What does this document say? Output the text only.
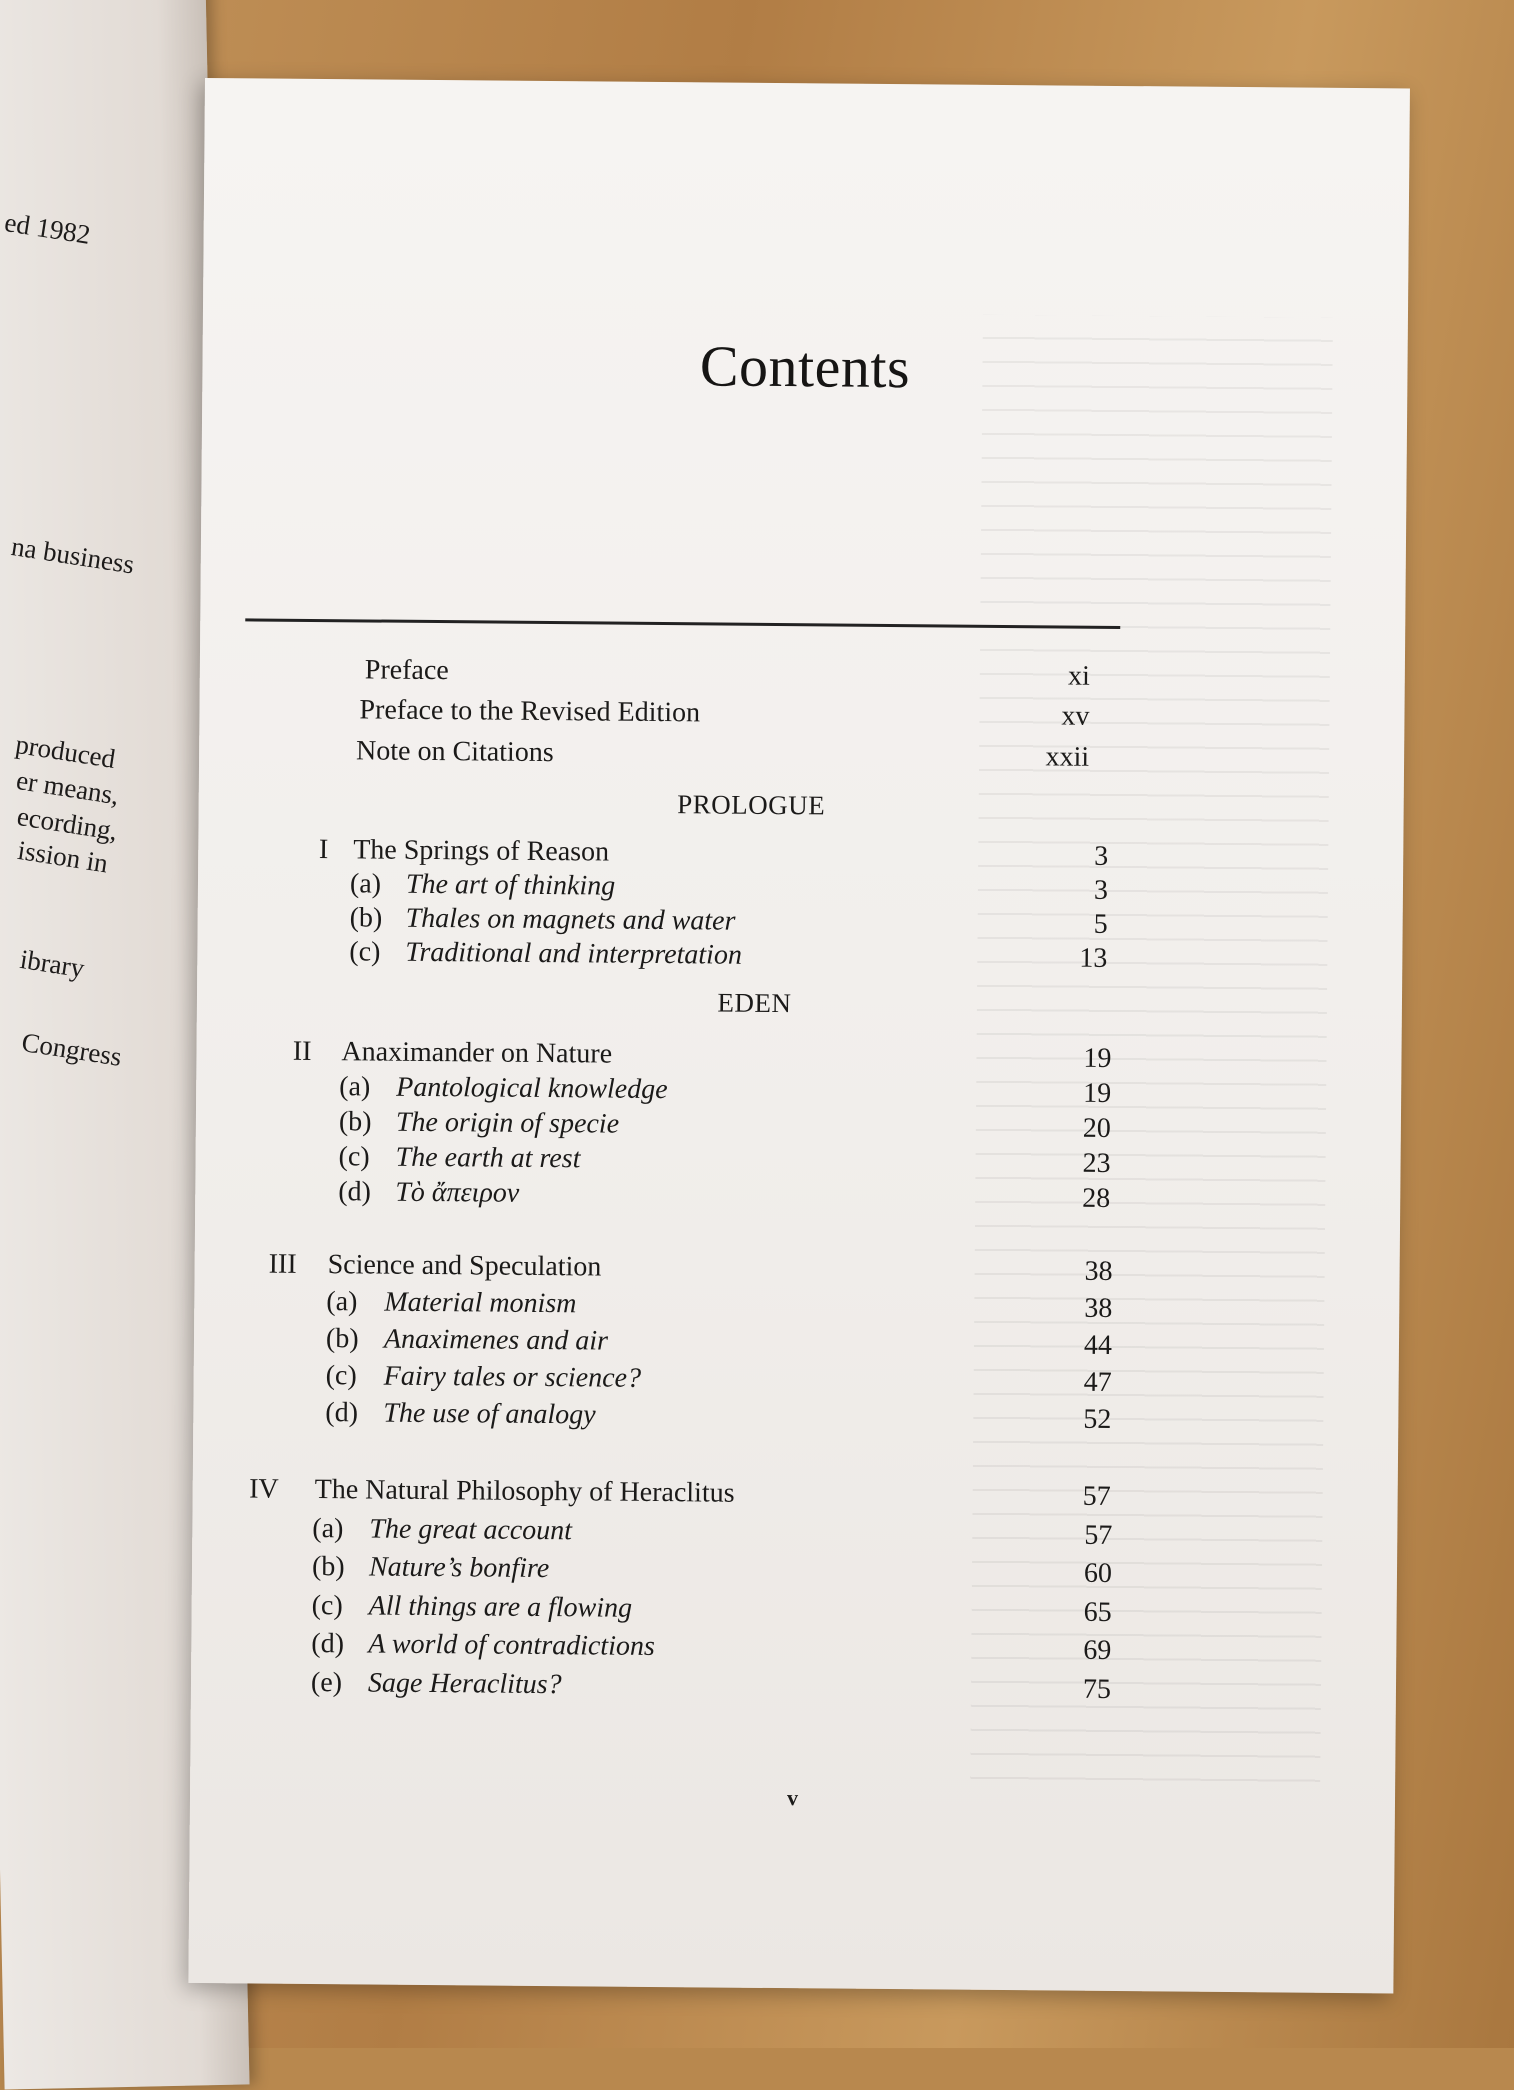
ed 1982
na business
produced
er means,
ecording,
ission in
ibrary
Congress
Contents
Preface	xi
Preface to the Revised Edition	xv
Note on Citations	xxii
PROLOGUE
I The Springs of Reason	3
(a) The art of thinking	3
(b) Thales on magnets and water	5
(c) Traditional and interpretation	13
EDEN
II Anaximander on Nature	19
(a) Pantological knowledge	19
(b) The origin of specie	20
(c) The earth at rest	23
(d) Τὸ ἄπειρον	28
III Science and Speculation	38
(a) Material monism	38
(b) Anaximenes and air	44
(c) Fairy tales or science?	47
(d) The use of analogy	52
IV The Natural Philosophy of Heraclitus	57
(a) The great account	57
(b) Nature’s bonfire	60
(c) All things are a flowing	65
(d) A world of contradictions	69
(e) Sage Heraclitus?	75
v
